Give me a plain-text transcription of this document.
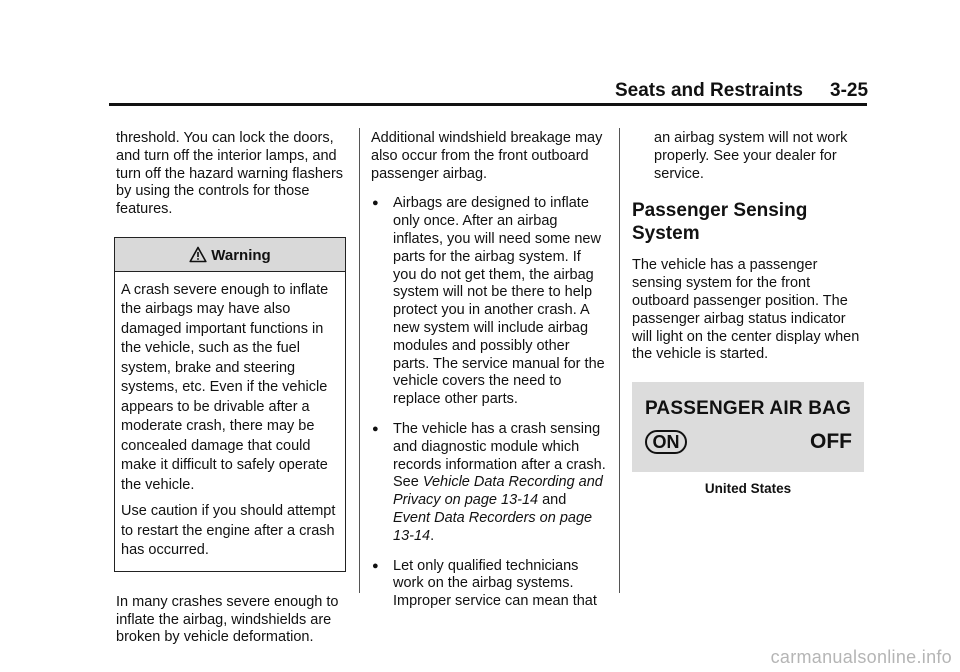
Seats and Restraints 3-25

threshold. You can lock the doors, and turn off the interior lamps, and turn off the hazard warning flashers by using the controls for those features.

Warning

A crash severe enough to inflate the airbags may have also damaged important functions in the vehicle, such as the fuel system, brake and steering systems, etc. Even if the vehicle appears to be drivable after a moderate crash, there may be concealed damage that could make it difficult to safely operate the vehicle.

Use caution if you should attempt to restart the engine after a crash has occurred.

In many crashes severe enough to inflate the airbag, windshields are broken by vehicle deformation.

Additional windshield breakage may also occur from the front outboard passenger airbag.

● Airbags are designed to inflate only once. After an airbag inflates, you will need some new parts for the airbag system. If you do not get them, the airbag system will not be there to help protect you in another crash. A new system will include airbag modules and possibly other parts. The service manual for the vehicle covers the need to replace other parts.
● The vehicle has a crash sensing and diagnostic module which records information after a crash. See Vehicle Data Recording and Privacy on page 13-14 and Event Data Recorders on page 13-14.
● Let only qualified technicians work on the airbag systems. Improper service can mean that

an airbag system will not work properly. See your dealer for service.

Passenger Sensing System

The vehicle has a passenger sensing system for the front outboard passenger position. The passenger airbag status indicator will light on the center display when the vehicle is started.

PASSENGER AIR BAG
ON	OFF
United States
carmanualsonline.info
